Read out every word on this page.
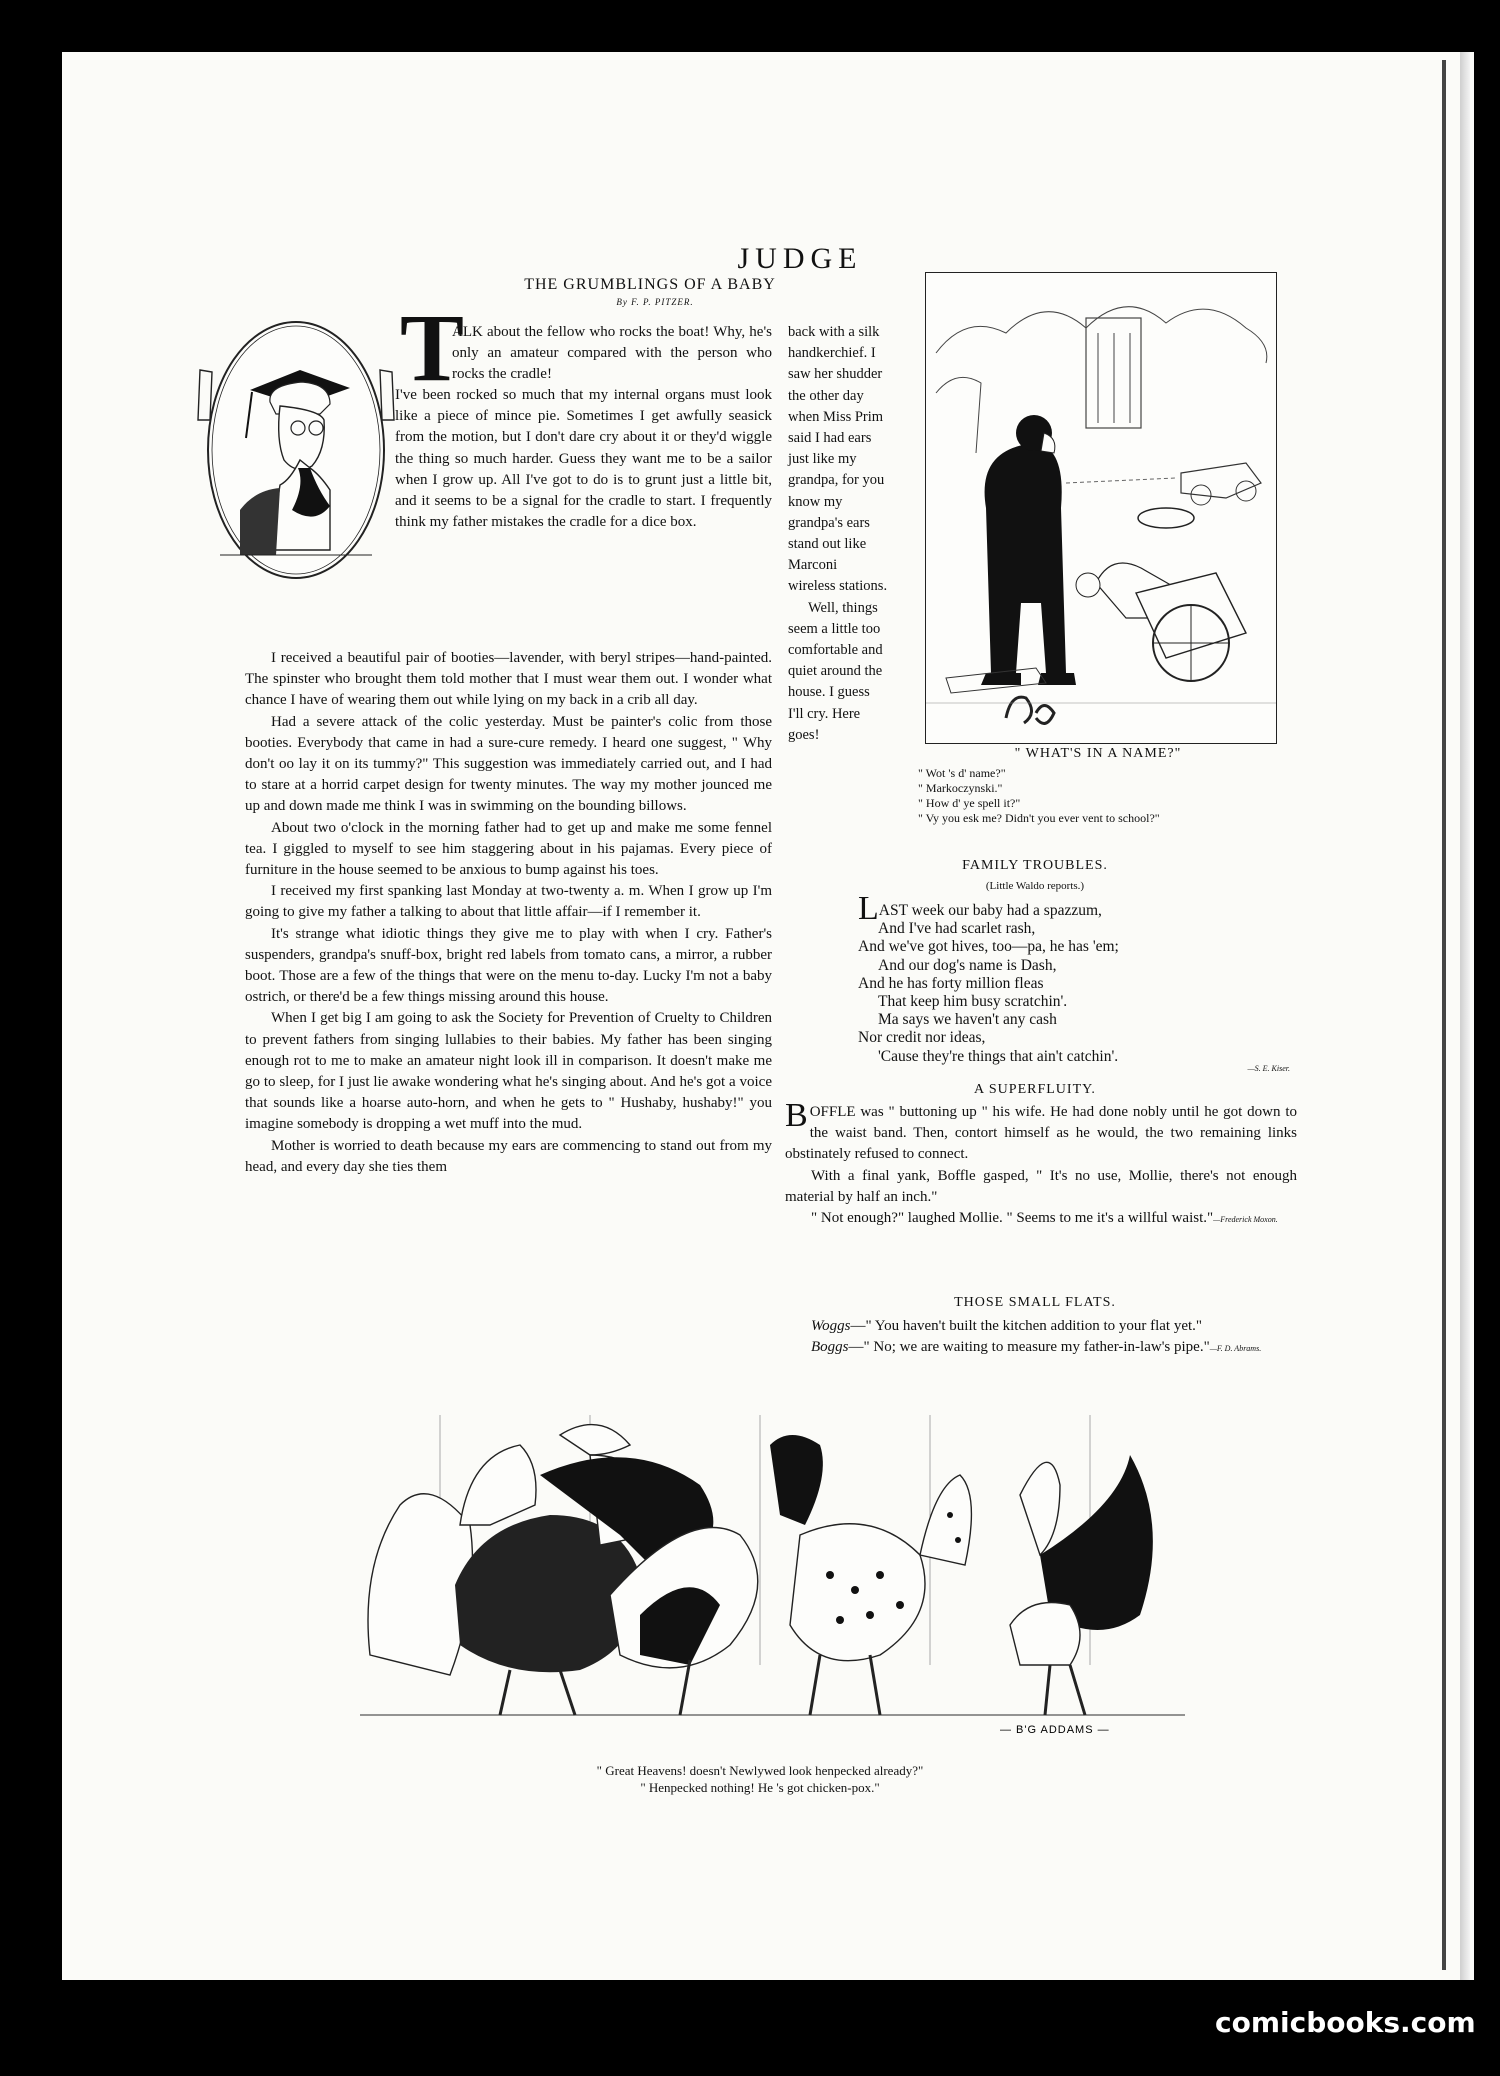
JUDGE
THE GRUMBLINGS OF A BABY
By F. P. PITZER.
T
ALK about the fellow who rocks the boat! Why, he's only an amateur compared with the person who rocks the cradle!
I've been rocked so much that my internal organs must look like a piece of mince pie. Sometimes I get awfully seasick from the motion, but I don't dare cry about it or they'd wiggle the thing so much harder. Guess they want me to be a sailor when I grow up. All I've got to do is to grunt just a little bit, and it seems to be a signal for the cradle to start. I frequently think my father mistakes the cradle for a dice box.

I received a beautiful pair of booties—lavender, with beryl stripes—hand-painted. The spinster who brought them told mother that I must wear them out. I wonder what chance I have of wearing them out while lying on my back in a crib all day.

Had a severe attack of the colic yesterday. Must be painter's colic from those booties. Everybody that came in had a sure-cure remedy. I heard one suggest, " Why don't oo lay it on its tummy?" This suggestion was immediately carried out, and I had to stare at a horrid carpet design for twenty minutes. The way my mother jounced me up and down made me think I was in swimming on the bounding billows.

About two o'clock in the morning father had to get up and make me some fennel tea. I giggled to myself to see him staggering about in his pajamas. Every piece of furniture in the house seemed to be anxious to bump against his toes.

I received my first spanking last Monday at two-twenty a. m. When I grow up I'm going to give my father a talking to about that little affair—if I remember it.

It's strange what idiotic things they give me to play with when I cry. Father's suspenders, grandpa's snuff-box, bright red labels from tomato cans, a mirror, a rubber boot. Those are a few of the things that were on the menu to-day. Lucky I'm not a baby ostrich, or there'd be a few things missing around this house.

When I get big I am going to ask the Society for Prevention of Cruelty to Children to prevent fathers from singing lullabies to their babies. My father has been singing enough rot to me to make an amateur night look ill in comparison. It doesn't make me go to sleep, for I just lie awake wondering what he's singing about. And he's got a voice that sounds like a hoarse auto-horn, and when he gets to " Hushaby, hushaby!" you imagine somebody is dropping a wet muff into the mud.

Mother is worried to death because my ears are commencing to stand out from my head, and every day she ties them

back with a silk handkerchief. I saw her shudder the other day when Miss Prim said I had ears just like my grandpa, for you know my grandpa's ears stand out like Marconi wireless stations.

Well, things seem a little too comfortable and quiet around the house. I guess I'll cry. Here goes!

" WHAT'S IN A NAME?"
" Wot 's d' name?"
" Markoczynski."
" How d' ye spell it?"
" Vy you esk me? Didn't you ever vent to school?"
FAMILY TROUBLES.
(Little Waldo reports.)
LAST week our baby had a spazzum,
And I've had scarlet rash,
And we've got hives, too—pa, he has 'em;
And our dog's name is Dash,
And he has forty million fleas
That keep him busy scratchin'.
Ma says we haven't any cash
Nor credit nor ideas,
'Cause they're things that ain't catchin'.
—S. E. Kiser.
A SUPERFLUITY.

BOFFLE was " buttoning up " his wife. He had done nobly until he got down to the waist band. Then, contort himself as he would, the two remaining links obstinately refused to connect.

With a final yank, Boffle gasped, " It's no use, Mollie, there's not enough material by half an inch."

" Not enough?" laughed Mollie. " Seems to me it's a willful waist."—Frederick Moxon.

THOSE SMALL FLATS.

Woggs—" You haven't built the kitchen addition to your flat yet."

Boggs—" No; we are waiting to measure my father-in-law's pipe."—F. D. Abrams.

— B'G ADDAMS —
" Great Heavens! doesn't Newlywed look henpecked already?"
" Henpecked nothing! He 's got chicken-pox."
comicbooks.com
